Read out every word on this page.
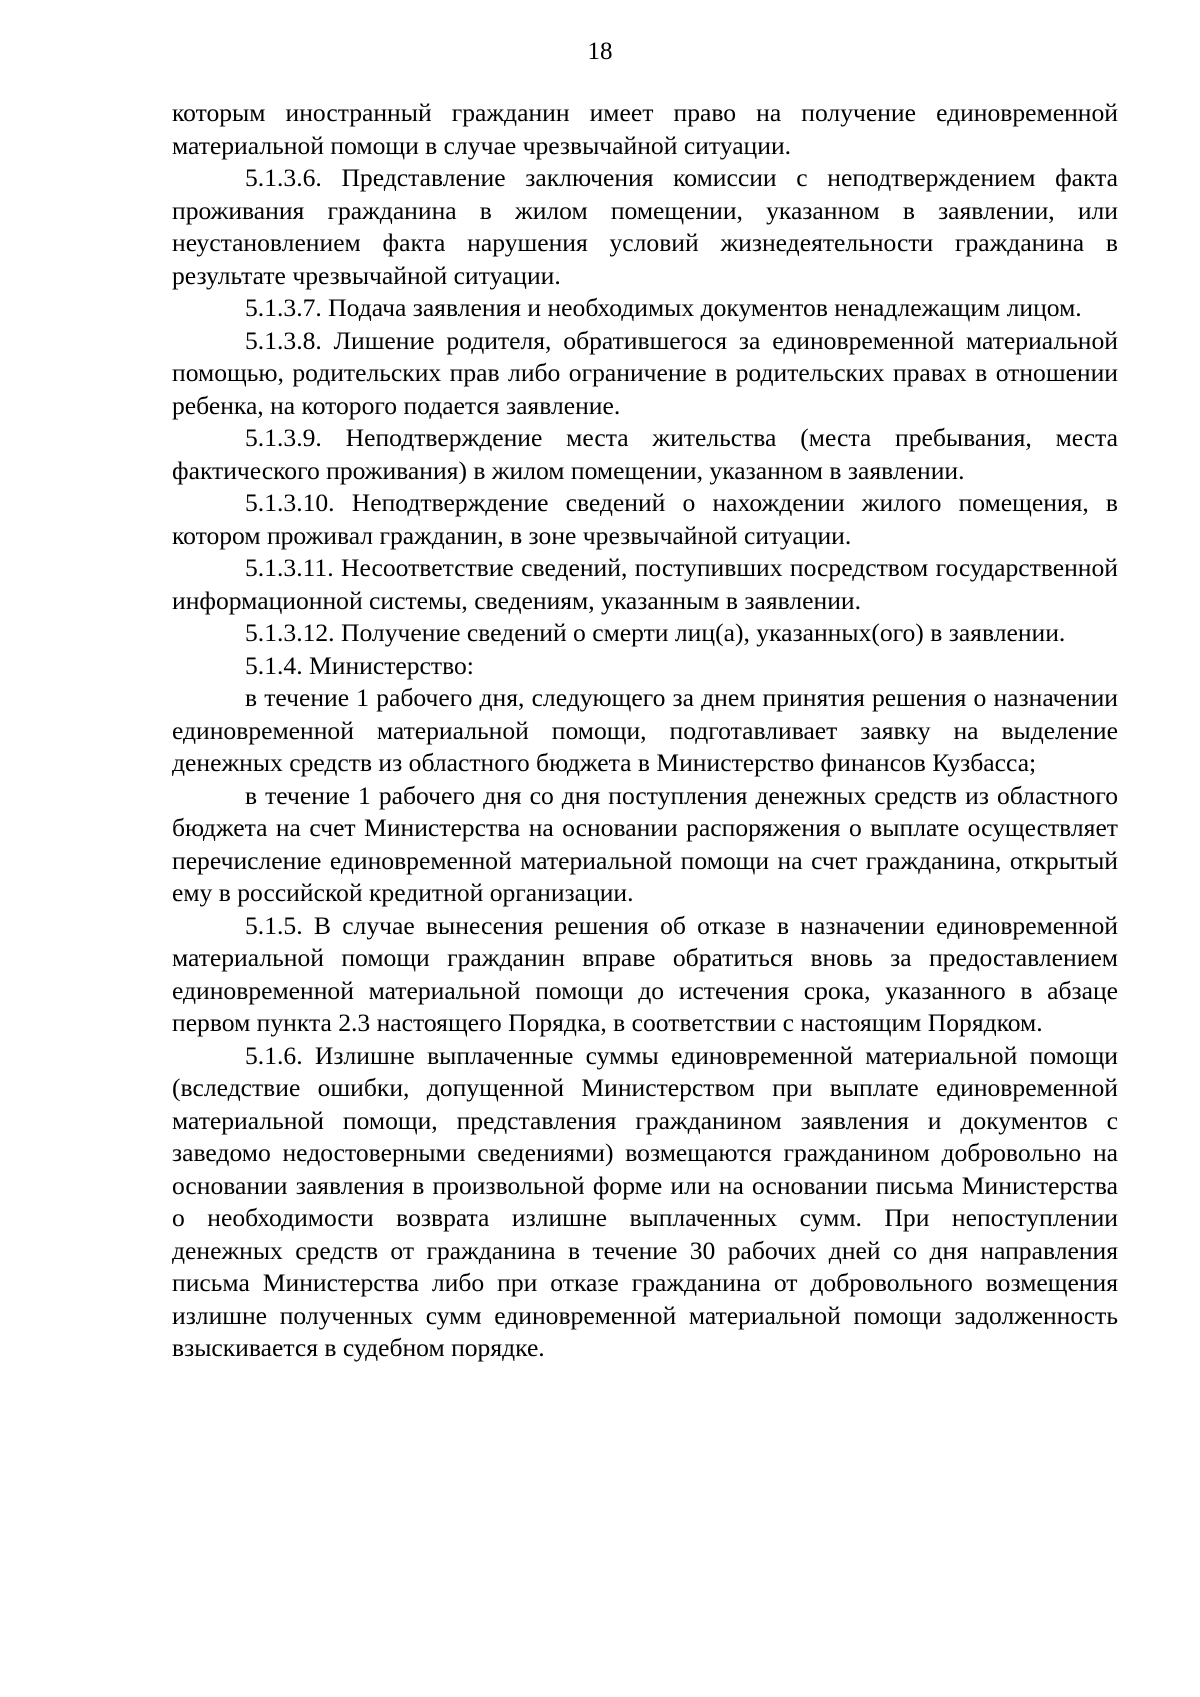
18

которым иностранный гражданин имеет право на получение единовременной материальной помощи в случае чрезвычайной ситуации.

5.1.3.6. Представление заключения комиссии с неподтверждением факта проживания гражданина в жилом помещении, указанном в заявлении, или неустановлением факта нарушения условий жизнедеятельности гражданина в результате чрезвычайной ситуации.

5.1.3.7. Подача заявления и необходимых документов ненадлежащим лицом.

5.1.3.8. Лишение родителя, обратившегося за единовременной материальной помощью, родительских прав либо ограничение в родительских правах в отношении ребенка, на которого подается заявление.

5.1.3.9. Неподтверждение места жительства (места пребывания, места фактического проживания) в жилом помещении, указанном в заявлении.

5.1.3.10. Неподтверждение сведений о нахождении жилого помещения, в котором проживал гражданин, в зоне чрезвычайной ситуации.

5.1.3.11. Несоответствие сведений, поступивших посредством государственной информационной системы, сведениям, указанным в заявлении.

5.1.3.12. Получение сведений о смерти лиц(а), указанных(ого) в заявлении.

5.1.4. Министерство:

в течение 1 рабочего дня, следующего за днем принятия решения о назначении единовременной материальной помощи, подготавливает заявку на выделение денежных средств из областного бюджета в Министерство финансов Кузбасса;

в течение 1 рабочего дня со дня поступления денежных средств из областного бюджета на счет Министерства на основании распоряжения о выплате осуществляет перечисление единовременной материальной помощи на счет гражданина, открытый ему в российской кредитной организации.

5.1.5. В случае вынесения решения об отказе в назначении единовременной материальной помощи гражданин вправе обратиться вновь за предоставлением единовременной материальной помощи до истечения срока, указанного в абзаце первом пункта 2.3 настоящего Порядка, в соответствии с настоящим Порядком.

5.1.6. Излишне выплаченные суммы единовременной материальной помощи (вследствие ошибки, допущенной Министерством при выплате единовременной материальной помощи, представления гражданином заявления и документов с заведомо недостоверными сведениями) возмещаются гражданином добровольно на основании заявления в произвольной форме или на основании письма Министерства о необходимости возврата излишне выплаченных сумм. При непоступлении денежных средств от гражданина в течение 30 рабочих дней со дня направления письма Министерства либо при отказе гражданина от добровольного возмещения излишне полученных сумм единовременной материальной помощи задолженность взыскивается в судебном порядке.
